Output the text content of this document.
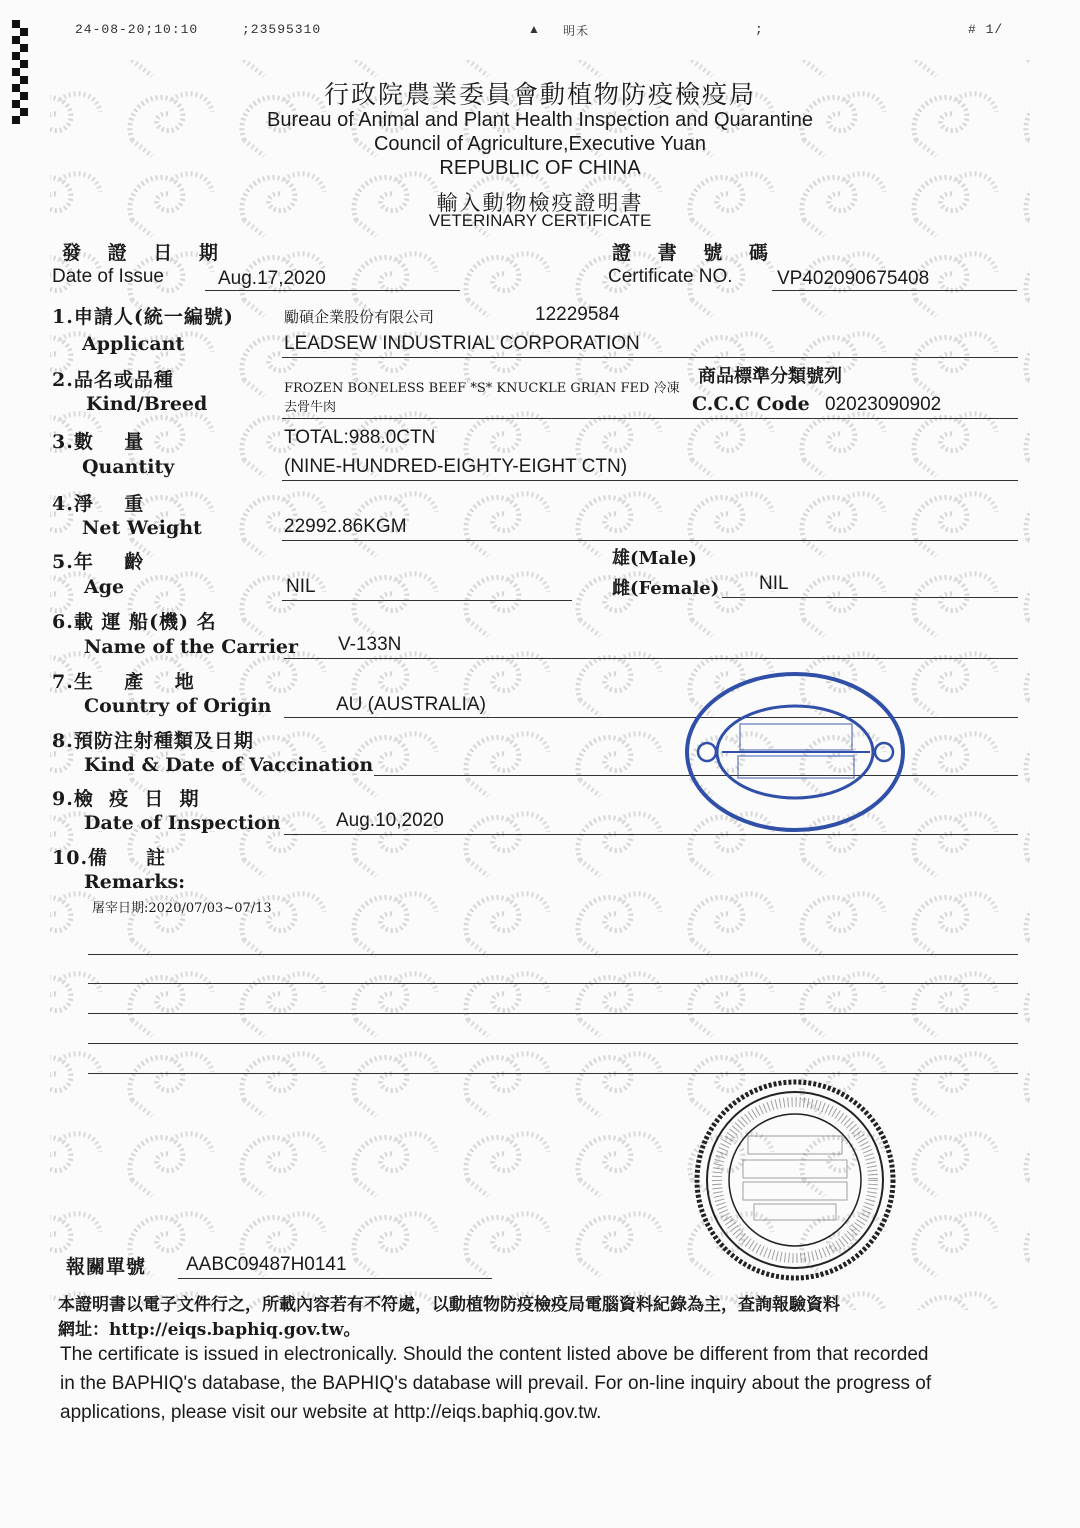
24-08-20;10:10	;23595310	▲ 明禾	;	# 1/
行政院農業委員會動植物防疫檢疫局
Bureau of Animal and Plant Health Inspection and Quarantine
Council of Agriculture,Executive Yuan
REPUBLIC OF CHINA
輸入動物檢疫證明書
VETERINARY CERTIFICATE
發 證 日 期
Date of Issue	Aug.17,2020
證 書 號 碼
Certificate NO. VP402090675408
1.申請人(統一編號)
Applicant
勵碩企業股份有限公司	12229584
LEADSEW INDUSTRIAL CORPORATION
2.品名或品種
Kind/Breed
FROZEN BONELESS BEEF *S* KNUCKLE GRIAN FED 冷凍
去骨牛肉
商品標準分類號列
C.C.C Code 02023090902
3.數    量
Quantity
TOTAL:988.0CTN
(NINE-HUNDRED-EIGHTY-EIGHT CTN)
4.淨    重
Net Weight	22992.86KGM
5.年    齡
Age	NIL
雄(Male)
雌(Female) NIL
6.載 運 船(機) 名
Name of the Carrier V-133N
7.生    產    地
Country of Origin	AU (AUSTRALIA)
8.預防注射種類及日期
Kind & Date of Vaccination
9.檢  疫  日  期
Date of Inspection	Aug.10,2020
10.備     註
Remarks:
屠宰日期:2020/07/03~07/13
報關單號 AABC09487H0141
本證明書以電子文件行之，所載內容若有不符處，以動植物防疫檢疫局電腦資料紀錄為主，查詢報驗資料
網址：http://eiqs.baphiq.gov.tw。
The certificate is issued in electronically. Should the content listed above be different from that recorded
in the BAPHIQ's database, the BAPHIQ's database will prevail. For on-line inquiry about the progress of
applications, please visit our website at http://eiqs.baphiq.gov.tw.
